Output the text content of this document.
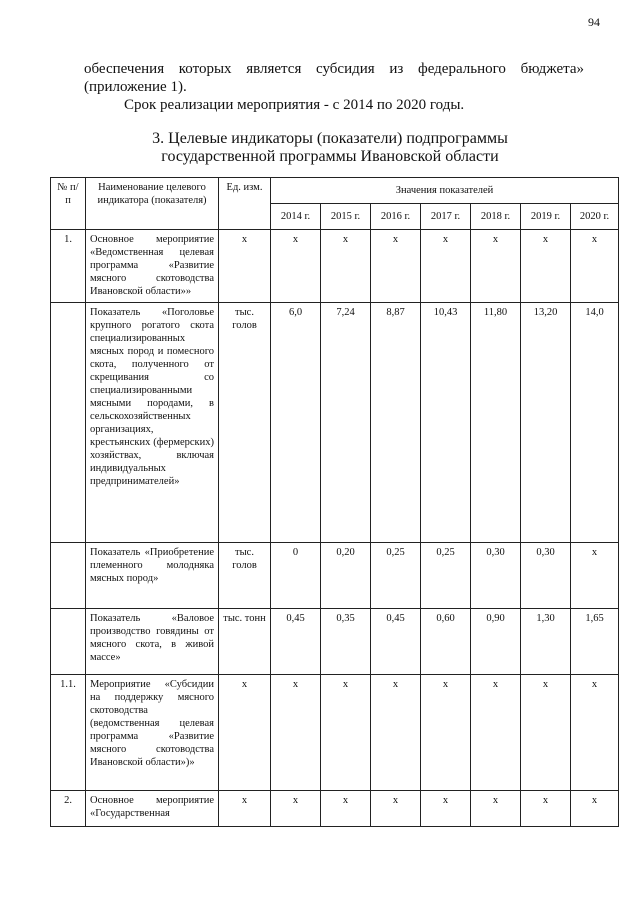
94
обеспечения которых является субсидия из федерального бюджета»
(приложение 1).
Срок реализации мероприятия - с 2014 по 2020 годы.
3. Целевые индикаторы (показатели) подпрограммы
государственной программы Ивановской области
№ п/п	Наименование целевого индикатора (показателя)	Ед. изм.	Значения показателей						
			2014 г.	2015 г.	2016 г.	2017 г.	2018 г.	2019 г.	2020 г.
1.	Основное мероприятие «Ведомственная целевая программа «Развитие мясного скотоводства Ивановской области»»	х	х	х	х	х	х	х	х
	Показатель «Поголовье крупного рогатого скота специализированных мясных пород и помесного скота, полученного от скрещивания со специализированными мясными породами, в сельскохозяйственных организациях, крестьянских (фермерских) хозяйствах, включая индивидуальных предпринимателей»	тыс. голов	6,0	7,24	8,87	10,43	11,80	13,20	14,0
	Показатель «Приобретение племенного молодняка мясных пород»	тыс. голов	0	0,20	0,25	0,25	0,30	0,30	х
	Показатель «Валовое производство говядины от мясного скота, в живой массе»	тыс. тонн	0,45	0,35	0,45	0,60	0,90	1,30	1,65
1.1.	Мероприятие «Субсидии на поддержку мясного скотоводства (ведомственная целевая программа «Развитие мясного скотоводства Ивановской области»)»	х	х	х	х	х	х	х	х
2.	Основное мероприятие «Государственная	х	х	х	х	х	х	х	х
